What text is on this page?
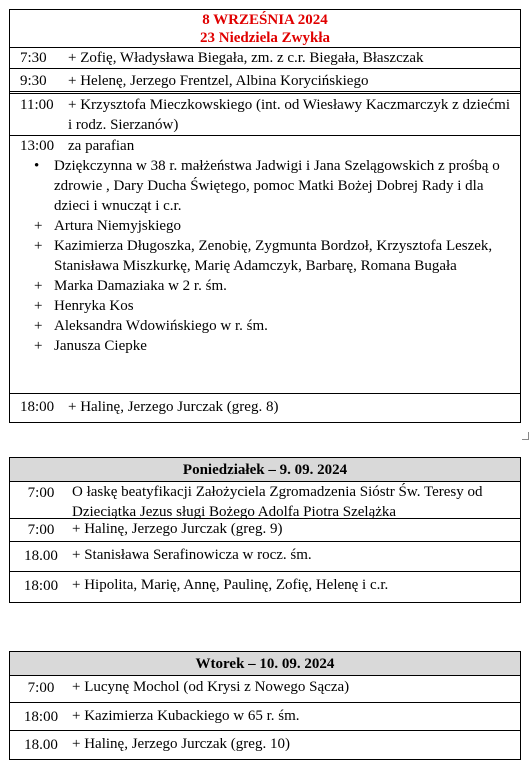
8 WRZEŚNIA 2024
23 Niedziela Zwykła
7:30 + Zofię, Władysława Biegała, zm. z c.r. Biegała, Błaszczak
9:30 + Helenę, Jerzego Frentzel, Albina Korycińskiego
11:00 + Krzysztofa Mieczkowskiego (int. od Wiesławy Kaczmarczyk z dziećmi i rodz. Sierzanów)
13:00 za parafian
• Dziękczynna w 38 r. małżeństwa Jadwigi i Jana Szelągowskich z prośbą o zdrowie , Dary Ducha Świętego, pomoc Matki Bożej Dobrej Rady i dla dzieci i wnucząt i c.r.
+ Artura Niemyjskiego
+ Kazimierza Długoszka, Zenobię, Zygmunta Bordzoł, Krzysztofa Leszek, Stanisława Miszkurkę, Marię Adamczyk, Barbarę, Romana Bugała
+ Marka Damaziaka w 2 r. śm.
+ Henryka Kos
+ Aleksandra Wdowińskiego w r. śm.
+ Janusza Ciepke
18:00 + Halinę, Jerzego Jurczak (greg. 8)
Poniedziałek – 9. 09. 2024
7:00	O łaskę beatyfikacji Założyciela Zgromadzenia Sióstr Św. Teresy od Dzieciątka Jezus sługi Bożego Adolfa Piotra Szelążka
7:00	+ Halinę, Jerzego Jurczak (greg. 9)
18.00 + Stanisława Serafinowicza w rocz. śm.
18:00 + Hipolita, Marię, Annę, Paulinę, Zofię, Helenę i c.r.
Wtorek – 10. 09. 2024
7:00	+ Lucynę Mochol (od Krysi z Nowego Sącza)
18:00 + Kazimierza Kubackiego w 65 r. śm.
18.00 + Halinę, Jerzego Jurczak (greg. 10)
